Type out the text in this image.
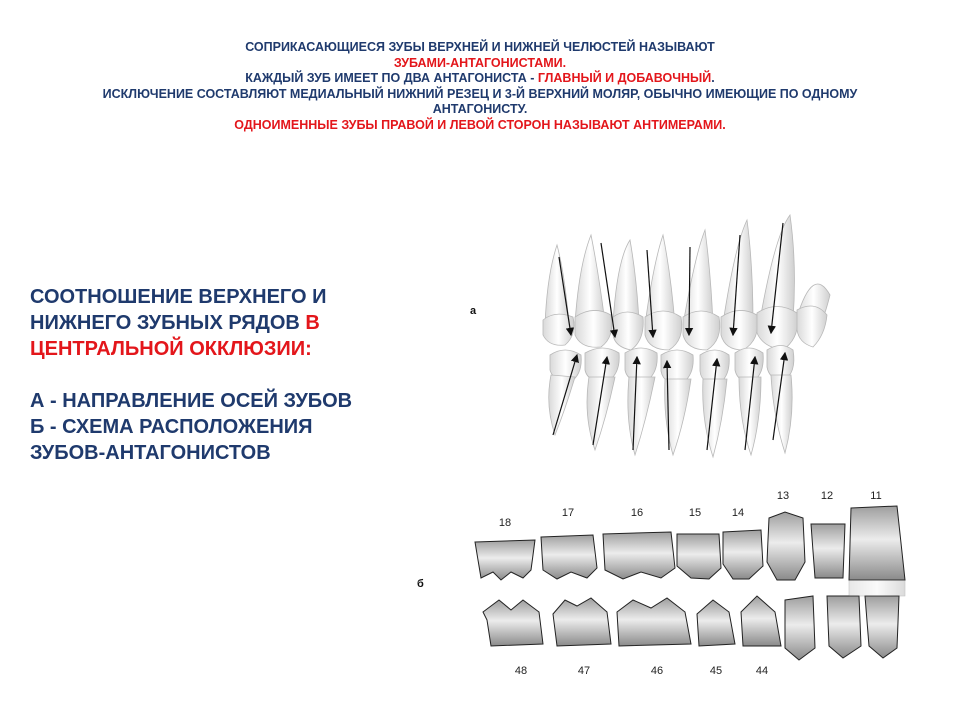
СОПРИКАСАЮЩИЕСЯ ЗУБЫ ВЕРХНЕЙ И НИЖНЕЙ ЧЕЛЮСТЕЙ НАЗЫВАЮТ
ЗУБАМИ-АНТАГОНИСТАМИ.
КАЖДЫЙ ЗУБ ИМЕЕТ ПО ДВА АНТАГОНИСТА - ГЛАВНЫЙ И ДОБАВОЧНЫЙ.
ИСКЛЮЧЕНИЕ СОСТАВЛЯЮТ МЕДИАЛЬНЫЙ НИЖНИЙ РЕЗЕЦ И 3-Й ВЕРХНИЙ МОЛЯР, ОБЫЧНО ИМЕЮЩИЕ ПО ОДНОМУ
АНТАГОНИСТУ.
ОДНОИМЕННЫЕ ЗУБЫ ПРАВОЙ И ЛЕВОЙ СТОРОН НАЗЫВАЮТ АНТИМЕРАМИ.

СООТНОШЕНИЕ ВЕРХНЕГО И НИЖНЕГО ЗУБНЫХ РЯДОВ В ЦЕНТРАЛЬНОЙ ОККЛЮЗИИ:

А - НАПРАВЛЕНИЕ ОСЕЙ ЗУБОВ

Б - СХЕМА РАСПОЛОЖЕНИЯ ЗУБОВ-АНТАГОНИСТОВ

а
б
18
17	16	15	14
13	12	11
48	47	46	45	44
